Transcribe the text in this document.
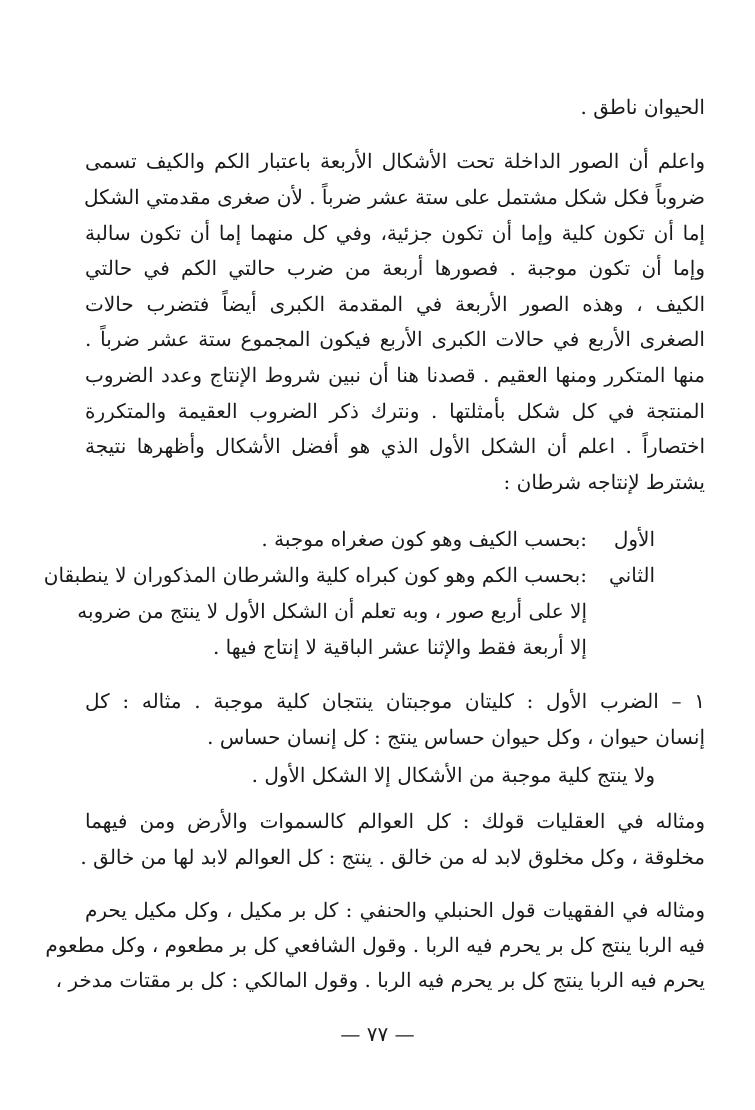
الحيوان ناطق .
واعلم أن الصور الداخلة تحت الأشكال الأربعة باعتبار الكم والكيف تسمى
ضروباً فكل شكل مشتمل على ستة عشر ضرباً . لأن صغرى مقدمتي الشكل
إما أن تكون كلية وإما أن تكون جزئية، وفي كل منهما إما أن تكون سالبة
وإما أن تكون موجبة . فصورها أربعة من ضرب حالتي الكم في حالتي
الكيف ، وهذه الصور الأربعة في المقدمة الكبرى أيضاً فتضرب حالات
الصغرى الأربع في حالات الكبرى الأربع فيكون المجموع ستة عشر ضرباً .
منها المتكرر ومنها العقيم . قصدنا هنا أن نبين شروط الإنتاج وعدد الضروب
المنتجة في كل شكل بأمثلتها . ونترك ذكر الضروب العقيمة والمتكررة
اختصاراً . اعلم أن الشكل الأول الذي هو أفضل الأشكال وأظهرها نتيجة
يشترط لإنتاجه شرطان :
الأول
:بحسب الكيف وهو كون صغراه موجبة .
الثاني
:بحسب الكم وهو كون كبراه كلية والشرطان المذكوران لا ينطبقان
إلا على أربع صور ، وبه تعلم أن الشكل الأول لا ينتج من ضروبه
إلا أربعة فقط والإثنا عشر الباقية لا إنتاج فيها .
١ – الضرب الأول : كليتان موجبتان ينتجان كلية موجبة . مثاله : كل
إنسان حيوان ، وكل حيوان حساس ينتج : كل إنسان حساس .
ولا ينتج كلية موجبة من الأشكال إلا الشكل الأول .
ومثاله في العقليات قولك : كل العوالم كالسموات والأرض ومن فيهما
مخلوقة ، وكل مخلوق لابد له من خالق . ينتج : كل العوالم لابد لها من خالق .
ومثاله في الفقهيات قول الحنبلي والحنفي : كل بر مكيل ، وكل مكيل يحرم
فيه الربا ينتج كل بر يحرم فيه الربا . وقول الشافعي كل بر مطعوم ، وكل مطعوم
يحرم فيه الربا ينتج كل بر يحرم فيه الربا . وقول المالكي : كل بر مقتات مدخر ،
— ٧٧ —
